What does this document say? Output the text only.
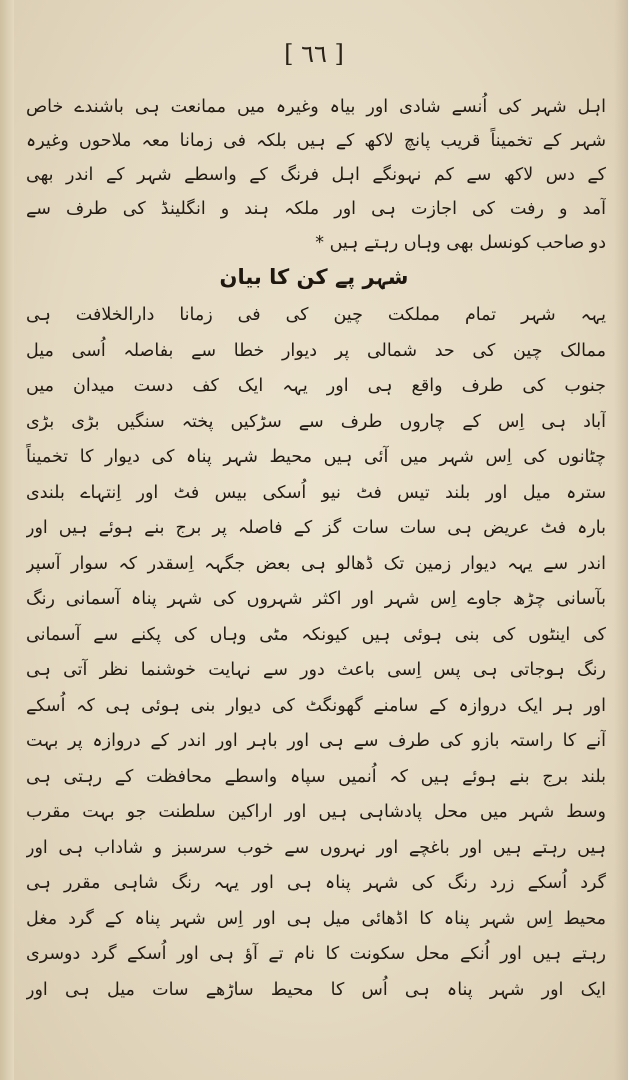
[ ٦٦ ]
اہل شہر کی اُنسے شادی اور بیاہ وغیرہ میں ممانعت ہی باشندے خاص
شہر کے تخمیناً قریب پانچ لاکھ کے ہیں بلکہ فی زمانا معہ ملاحوں وغیرہ
کے دس لاکھ سے کم نہونگے اہل فرنگ کے واسطے شہر کے اندر بھی
آمد و رفت کی اجازت ہی اور ملکہ ہند و انگلینڈ کی طرف سے
دو صاحب کونسل بھی وہاں رہتے ہیں *
شہر پے کن کا بیان
یہہ شہر تمام مملکت چین کی فی زمانا دارالخلافت ہی
ممالک چین کی حد شمالی پر دیوار خطا سے بفاصلہ اُسی میل
جنوب کی طرف واقع ہی اور یہہ ایک کف دست میدان میں
آباد ہی اِس کے چاروں طرف سے سڑکیں پختہ سنگیں بڑی بڑی
چٹانوں کی اِس شہر میں آئی ہیں محیط شہر پناہ کی دیوار کا تخمیناً
سترہ میل اور بلند تیس فٹ نیو اُسکی بیس فٹ اور اِنتہاے بلندی
بارہ فٹ عریض ہی سات سات گز کے فاصلہ پر برج بنے ہوئے ہیں اور
اندر سے یہہ دیوار زمین تک ڈھالو ہی بعض جگہہ اِسقدر کہ سوار آسپر
بآسانی چڑھ جاوے اِس شہر اور اکثر شہروں کی شہر پناہ آسمانی رنگ
کی اینٹوں کی بنی ہوئی ہیں کیونکہ مٹی وہاں کی پکنے سے آسمانی
رنگ ہوجاتی ہی پس اِسی باعث دور سے نہایت خوشنما نظر آتی ہی
اور ہر ایک دروازہ کے سامنے گھونگٹ کی دیوار بنی ہوئی ہی کہ اُسکے
آنے کا راستہ بازو کی طرف سے ہی اور باہر اور اندر کے دروازہ پر بہت
بلند برج بنے ہوئے ہیں کہ اُنمیں سپاہ واسطے محافظت کے رہتی ہی
وسط شہر میں محل پادشاہی ہیں اور اراکین سلطنت جو بہت مقرب
ہیں رہتے ہیں اور باغچے اور نہروں سے خوب سرسبز و شاداب ہی اور
گرد اُسکے زرد رنگ کی شہر پناہ ہی اور یہہ رنگ شاہی مقرر ہی
محیط اِس شہر پناہ کا اڈھائی میل ہی اور اِس شہر پناہ کے گرد مغل
رہتے ہیں اور اُنکے محل سکونت کا نام تے آؤ ہی اور اُسکے گرد دوسری
ایک اور شہر پناہ ہی اُس کا محیط ساڑھے سات میل ہی اور
